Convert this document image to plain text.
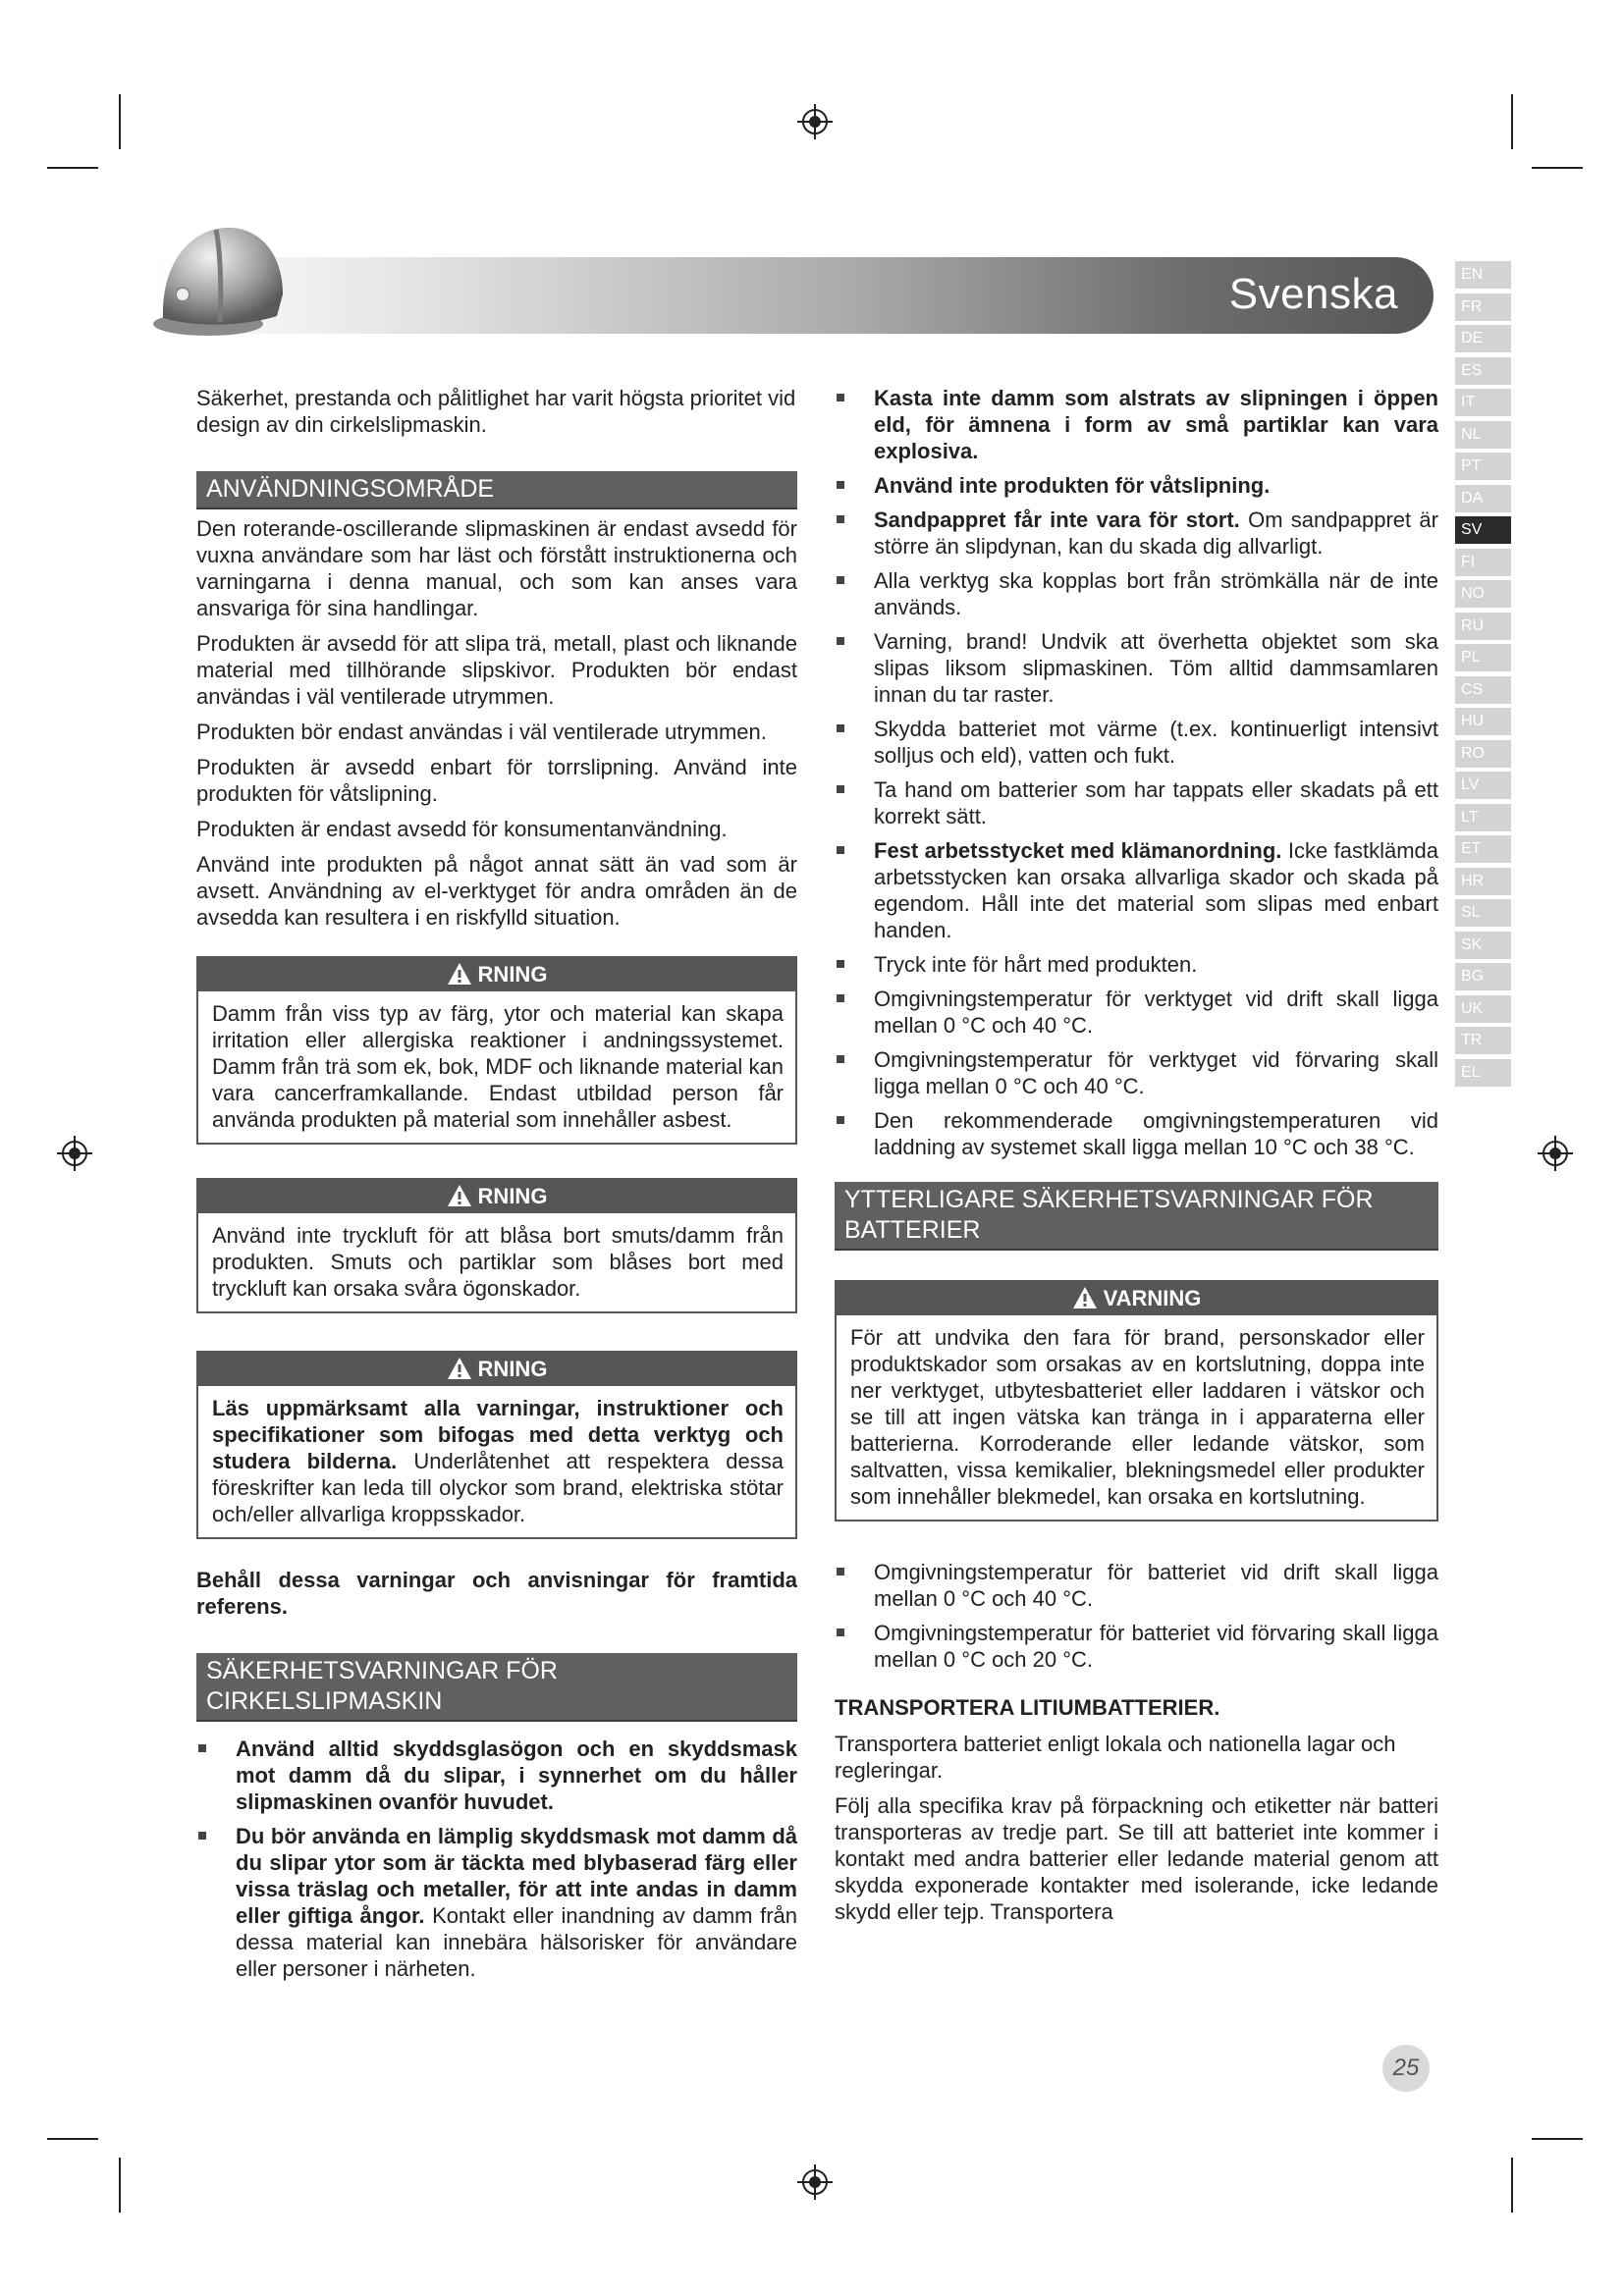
Svenska	EN
FR
DE
ES
IT
NL
PT
DA
SV
FI
NO
RU
PL
CS
HU
RO
LV
LT
ET
HR
SL
SK
BG
UK
TR
EL

Säkerhet, prestanda och pålitlighet har varit högsta prioritet vid design av din cirkelslipmaskin.

ANVÄNDNINGSOMRÅDE

Den roterande-oscillerande slipmaskinen är endast avsedd för vuxna användare som har läst och förstått instruktionerna och varningarna i denna manual, och som kan anses vara ansvariga för sina handlingar.

Produkten är avsedd för att slipa trä, metall, plast och liknande material med tillhörande slipskivor. Produkten bör endast användas i väl ventilerade utrymmen.

Produkten bör endast användas i väl ventilerade utrymmen.

Produkten är avsedd enbart för torrslipning. Använd inte produkten för våtslipning.

Produkten är endast avsedd för konsumentanvändning.

Använd inte produkten på något annat sätt än vad som är avsett. Användning av el-verktyget för andra områden än de avsedda kan resultera i en riskfylld situation.

RNING
Damm från viss typ av färg, ytor och material kan skapa irritation eller allergiska reaktioner i andningssystemet. Damm från trä som ek, bok, MDF och liknande material kan vara cancerframkallande. Endast utbildad person får använda produkten på material som innehåller asbest.
RNING
Använd inte tryckluft för att blåsa bort smuts/damm från produkten. Smuts och partiklar som blåses bort med tryckluft kan orsaka svåra ögonskador.
RNING
Läs uppmärksamt alla varningar, instruktioner och specifikationer som bifogas med detta verktyg och studera bilderna. Underlåtenhet att respektera dessa föreskrifter kan leda till olyckor som brand, elektriska stötar och/eller allvarliga kroppsskador.

Behåll dessa varningar och anvisningar för framtida referens.

SÄKERHETSVARNINGAR FÖR CIRKELSLIPMASKIN
Använd alltid skyddsglasögon och en skyddsmask mot damm då du slipar, i synnerhet om du håller slipmaskinen ovanför huvudet.
Du bör använda en lämplig skyddsmask mot damm då du slipar ytor som är täckta med blybaserad färg eller vissa träslag och metaller, för att inte andas in damm eller giftiga ångor. Kontakt eller inandning av damm från dessa material kan innebära hälsorisker för användare eller personer i närheten.
Kasta inte damm som alstrats av slipningen i öppen eld, för ämnena i form av små partiklar kan vara explosiva.
Använd inte produkten för våtslipning.
Sandpappret får inte vara för stort. Om sandpappret är större än slipdynan, kan du skada dig allvarligt.
Alla verktyg ska kopplas bort från strömkälla när de inte används.
Varning, brand! Undvik att överhetta objektet som ska slipas liksom slipmaskinen. Töm alltid dammsamlaren innan du tar raster.
Skydda batteriet mot värme (t.ex. kontinuerligt intensivt solljus och eld), vatten och fukt.
Ta hand om batterier som har tappats eller skadats på ett korrekt sätt.
Fest arbetsstycket med klämanordning. Icke fastklämda arbetsstycken kan orsaka allvarliga skador och skada på egendom. Håll inte det material som slipas med enbart handen.
Tryck inte för hårt med produkten.
Omgivningstemperatur för verktyget vid drift skall ligga mellan 0 °C och 40 °C.
Omgivningstemperatur för verktyget vid förvaring skall ligga mellan 0 °C och 40 °C.
Den rekommenderade omgivningstemperaturen vid laddning av systemet skall ligga mellan 10 °C och 38 °C.
YTTERLIGARE SÄKERHETSVARNINGAR FÖR BATTERIER
VARNING
För att undvika den fara för brand, personskador eller produktskador som orsakas av en kortslutning, doppa inte ner verktyget, utbytesbatteriet eller laddaren i vätskor och se till att ingen vätska kan tränga in i apparaterna eller batterierna. Korroderande eller ledande vätskor, som saltvatten, vissa kemikalier, blekningsmedel eller produkter som innehåller blekmedel, kan orsaka en kortslutning.
Omgivningstemperatur för batteriet vid drift skall ligga mellan 0 °C och 40 °C.
Omgivningstemperatur för batteriet vid förvaring skall ligga mellan 0 °C och 20 °C.
TRANSPORTERA LITIUMBATTERIER.

Transportera batteriet enligt lokala och nationella lagar och regleringar.

Följ alla specifika krav på förpackning och etiketter när batteri transporteras av tredje part. Se till att batteriet inte kommer i kontakt med andra batterier eller ledande material genom att skydda exponerade kontakter med isolerande, icke ledande skydd eller tejp. Transportera

25
